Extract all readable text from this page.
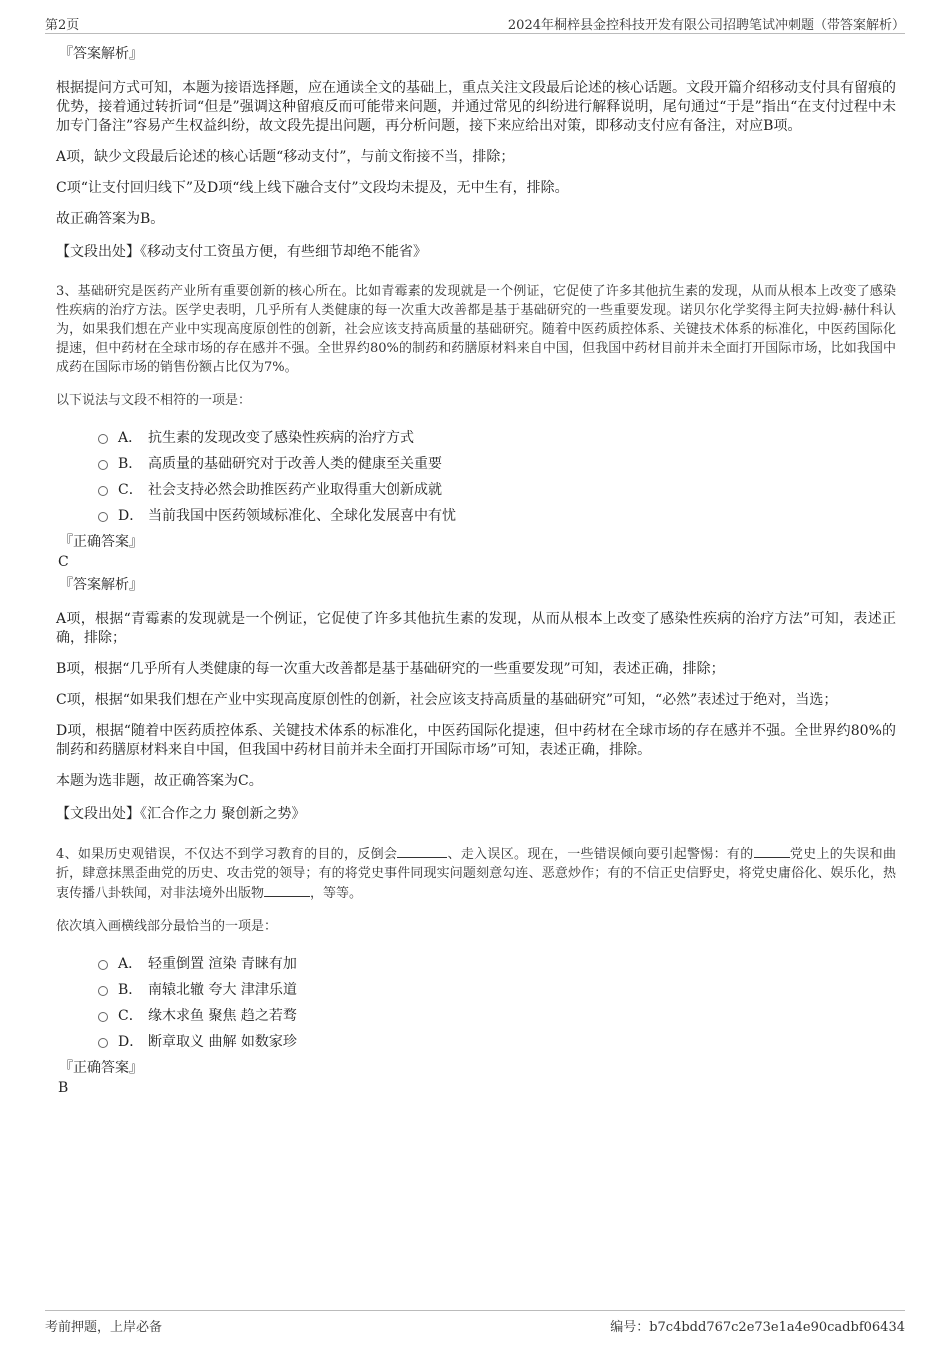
第2页	2024年桐梓县金控科技开发有限公司招聘笔试冲刺题（带答案解析）
『答案解析』

根据提问方式可知，本题为接语选择题，应在通读全文的基础上，重点关注文段最后论述的核心话题。文段开篇介绍移动支付具有留痕的优势，接着通过转折词“但是”强调这种留痕反而可能带来问题，并通过常见的纠纷进行解释说明，尾句通过“于是”指出“在支付过程中未加专门备注”容易产生权益纠纷，故文段先提出问题，再分析问题，接下来应给出对策，即移动支付应有备注，对应B项。

A项，缺少文段最后论述的核心话题“移动支付”，与前文衔接不当，排除；

C项“让支付回归线下”及D项“线上线下融合支付”文段均未提及，无中生有，排除。

故正确答案为B。

【文段出处】《移动支付工资虽方便，有些细节却绝不能省》

3、基础研究是医药产业所有重要创新的核心所在。比如青霉素的发现就是一个例证，它促使了许多其他抗生素的发现，从而从根本上改变了感染性疾病的治疗方法。医学史表明，几乎所有人类健康的每一次重大改善都是基于基础研究的一些重要发现。诺贝尔化学奖得主阿夫拉姆·赫什科认为，如果我们想在产业中实现高度原创性的创新，社会应该支持高质量的基础研究。随着中医药质控体系、关键技术体系的标准化，中医药国际化提速，但中药材在全球市场的存在感并不强。全世界约80%的制药和药膳原材料来自中国，但我国中药材目前并未全面打开国际市场，比如我国中成药在国际市场的销售份额占比仅为7%。

以下说法与文段不相符的一项是：

A． 抗生素的发现改变了感染性疾病的治疗方式
B． 高质量的基础研究对于改善人类的健康至关重要
C． 社会支持必然会助推医药产业取得重大创新成就
D． 当前我国中医药领域标准化、全球化发展喜中有忧
『正确答案』
C
『答案解析』

A项，根据“青霉素的发现就是一个例证，它促使了许多其他抗生素的发现，从而从根本上改变了感染性疾病的治疗方法”可知，表述正确，排除；

B项，根据“几乎所有人类健康的每一次重大改善都是基于基础研究的一些重要发现”可知，表述正确，排除；

C项，根据“如果我们想在产业中实现高度原创性的创新，社会应该支持高质量的基础研究”可知，“必然”表述过于绝对，当选；

D项，根据“随着中医药质控体系、关键技术体系的标准化，中医药国际化提速，但中药材在全球市场的存在感并不强。全世界约80%的制药和药膳原材料来自中国，但我国中药材目前并未全面打开国际市场”可知，表述正确，排除。

本题为选非题，故正确答案为C。

【文段出处】《汇合作之力 聚创新之势》

4、如果历史观错误，不仅达不到学习教育的目的，反倒会	、走入误区。现在，一些错误倾向要引起警惕：有的	党史上的失误和曲折，肆意抹黑歪曲党的历史、攻击党的领导；有的将党史事件同现实问题刻意勾连、恶意炒作；有的不信正史信野史，将党史庸俗化、娱乐化，热衷传播八卦轶闻，对非法境外出版物	，等等。

依次填入画横线部分最恰当的一项是：

A． 轻重倒置 渲染 青睐有加
B． 南辕北辙 夸大 津津乐道
C． 缘木求鱼 聚焦 趋之若骛
D． 断章取义 曲解 如数家珍
『正确答案』
B
考前押题，上岸必备	编号：b7c4bdd767c2e73e1a4e90cadbf06434
